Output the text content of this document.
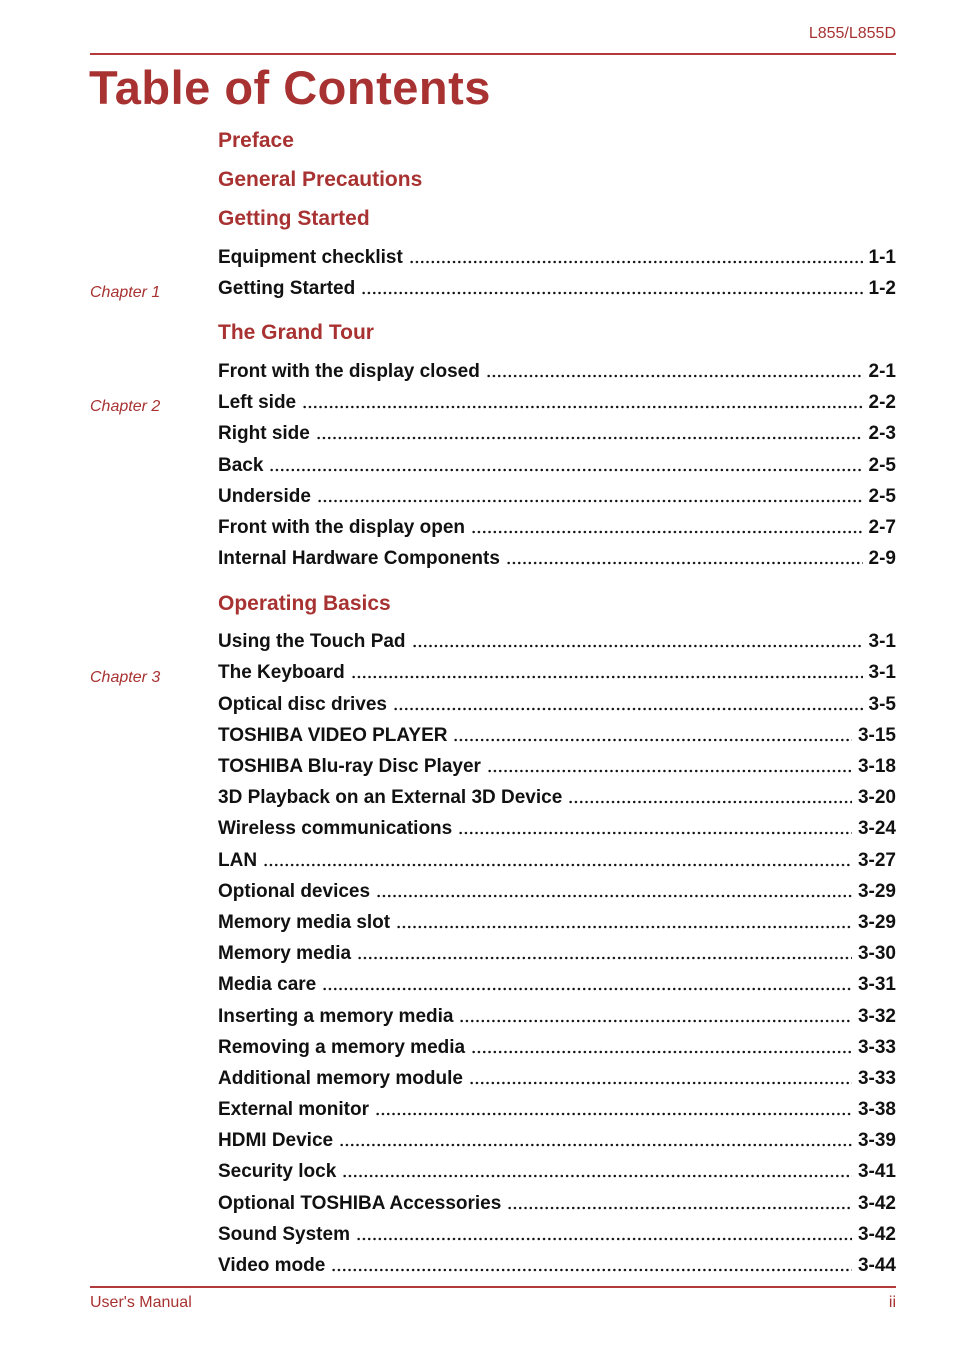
L855/L855D
Table of Contents
Preface
General Precautions
Chapter 1
Getting Started
Equipment checklist	1-1
Getting Started	1-2
Chapter 2
The Grand Tour
Front with the display closed	2-1
Left side	2-2
Right side	2-3
Back	2-5
Underside	2-5
Front with the display open	2-7
Internal Hardware Components	2-9
Chapter 3
Operating Basics
Using the Touch Pad	3-1
The Keyboard	3-1
Optical disc drives	3-5
TOSHIBA VIDEO PLAYER	3-15
TOSHIBA Blu-ray Disc Player	3-18
3D Playback on an External 3D Device	3-20
Wireless communications	3-24
LAN	3-27
Optional devices	3-29
Memory media slot	3-29
Memory media	3-30
Media care	3-31
Inserting a memory media	3-32
Removing a memory media	3-33
Additional memory module	3-33
External monitor	3-38
HDMI Device	3-39
Security lock	3-41
Optional TOSHIBA Accessories	3-42
Sound System	3-42
Video mode	3-44
User's Manual	ii
